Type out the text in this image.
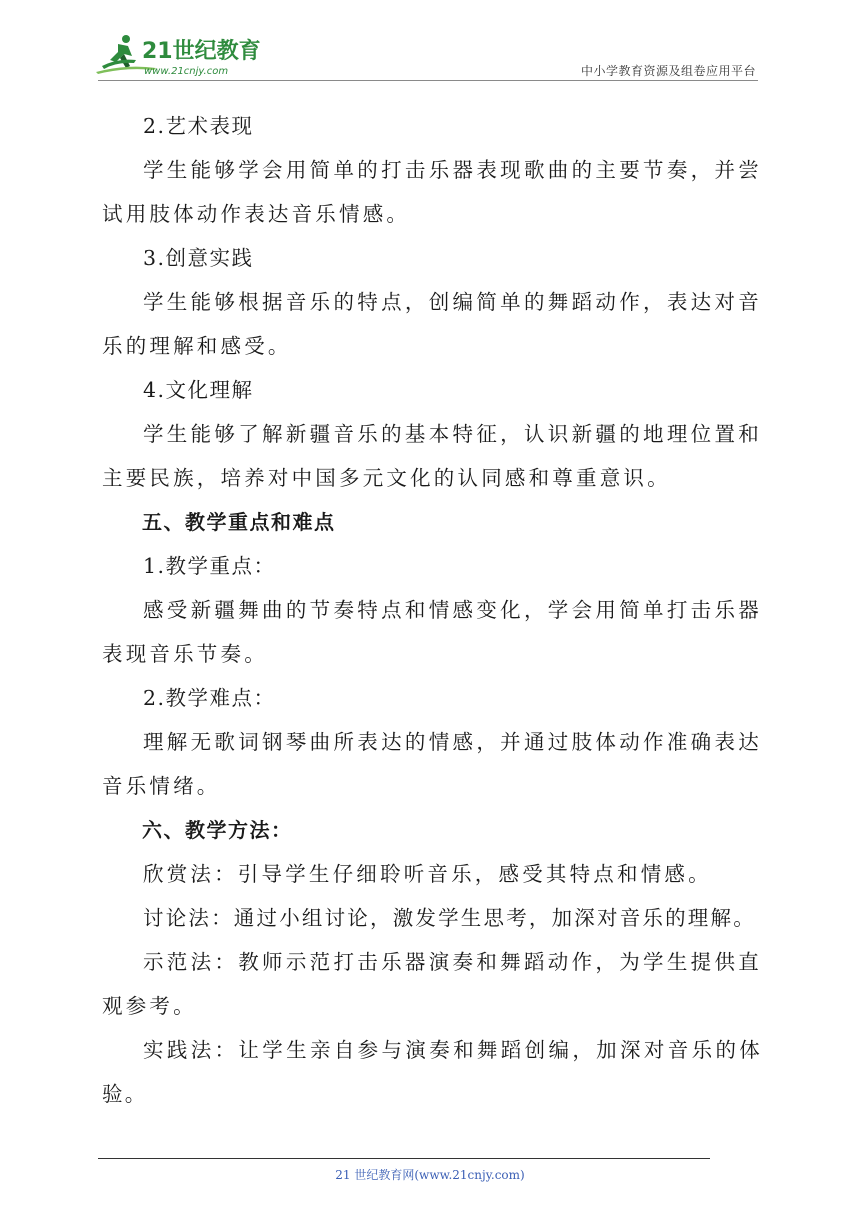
21世纪教育
www.21cnjy.com	中小学教育资源及组卷应用平台

2.艺术表现

学生能够学会用简单的打击乐器表现歌曲的主要节奏，并尝试用肢体动作表达音乐情感。

3.创意实践

学生能够根据音乐的特点，创编简单的舞蹈动作，表达对音乐的理解和感受。

4.文化理解

学生能够了解新疆音乐的基本特征，认识新疆的地理位置和主要民族，培养对中国多元文化的认同感和尊重意识。

五、教学重点和难点

1.教学重点：

感受新疆舞曲的节奏特点和情感变化，学会用简单打击乐器表现音乐节奏。

2.教学难点：

理解无歌词钢琴曲所表达的情感，并通过肢体动作准确表达音乐情绪。

六、教学方法：

欣赏法：引导学生仔细聆听音乐，感受其特点和情感。

讨论法：通过小组讨论，激发学生思考，加深对音乐的理解。

示范法：教师示范打击乐器演奏和舞蹈动作，为学生提供直观参考。

实践法：让学生亲自参与演奏和舞蹈创编，加深对音乐的体验。

21 世纪教育网(www.21cnjy.com)
